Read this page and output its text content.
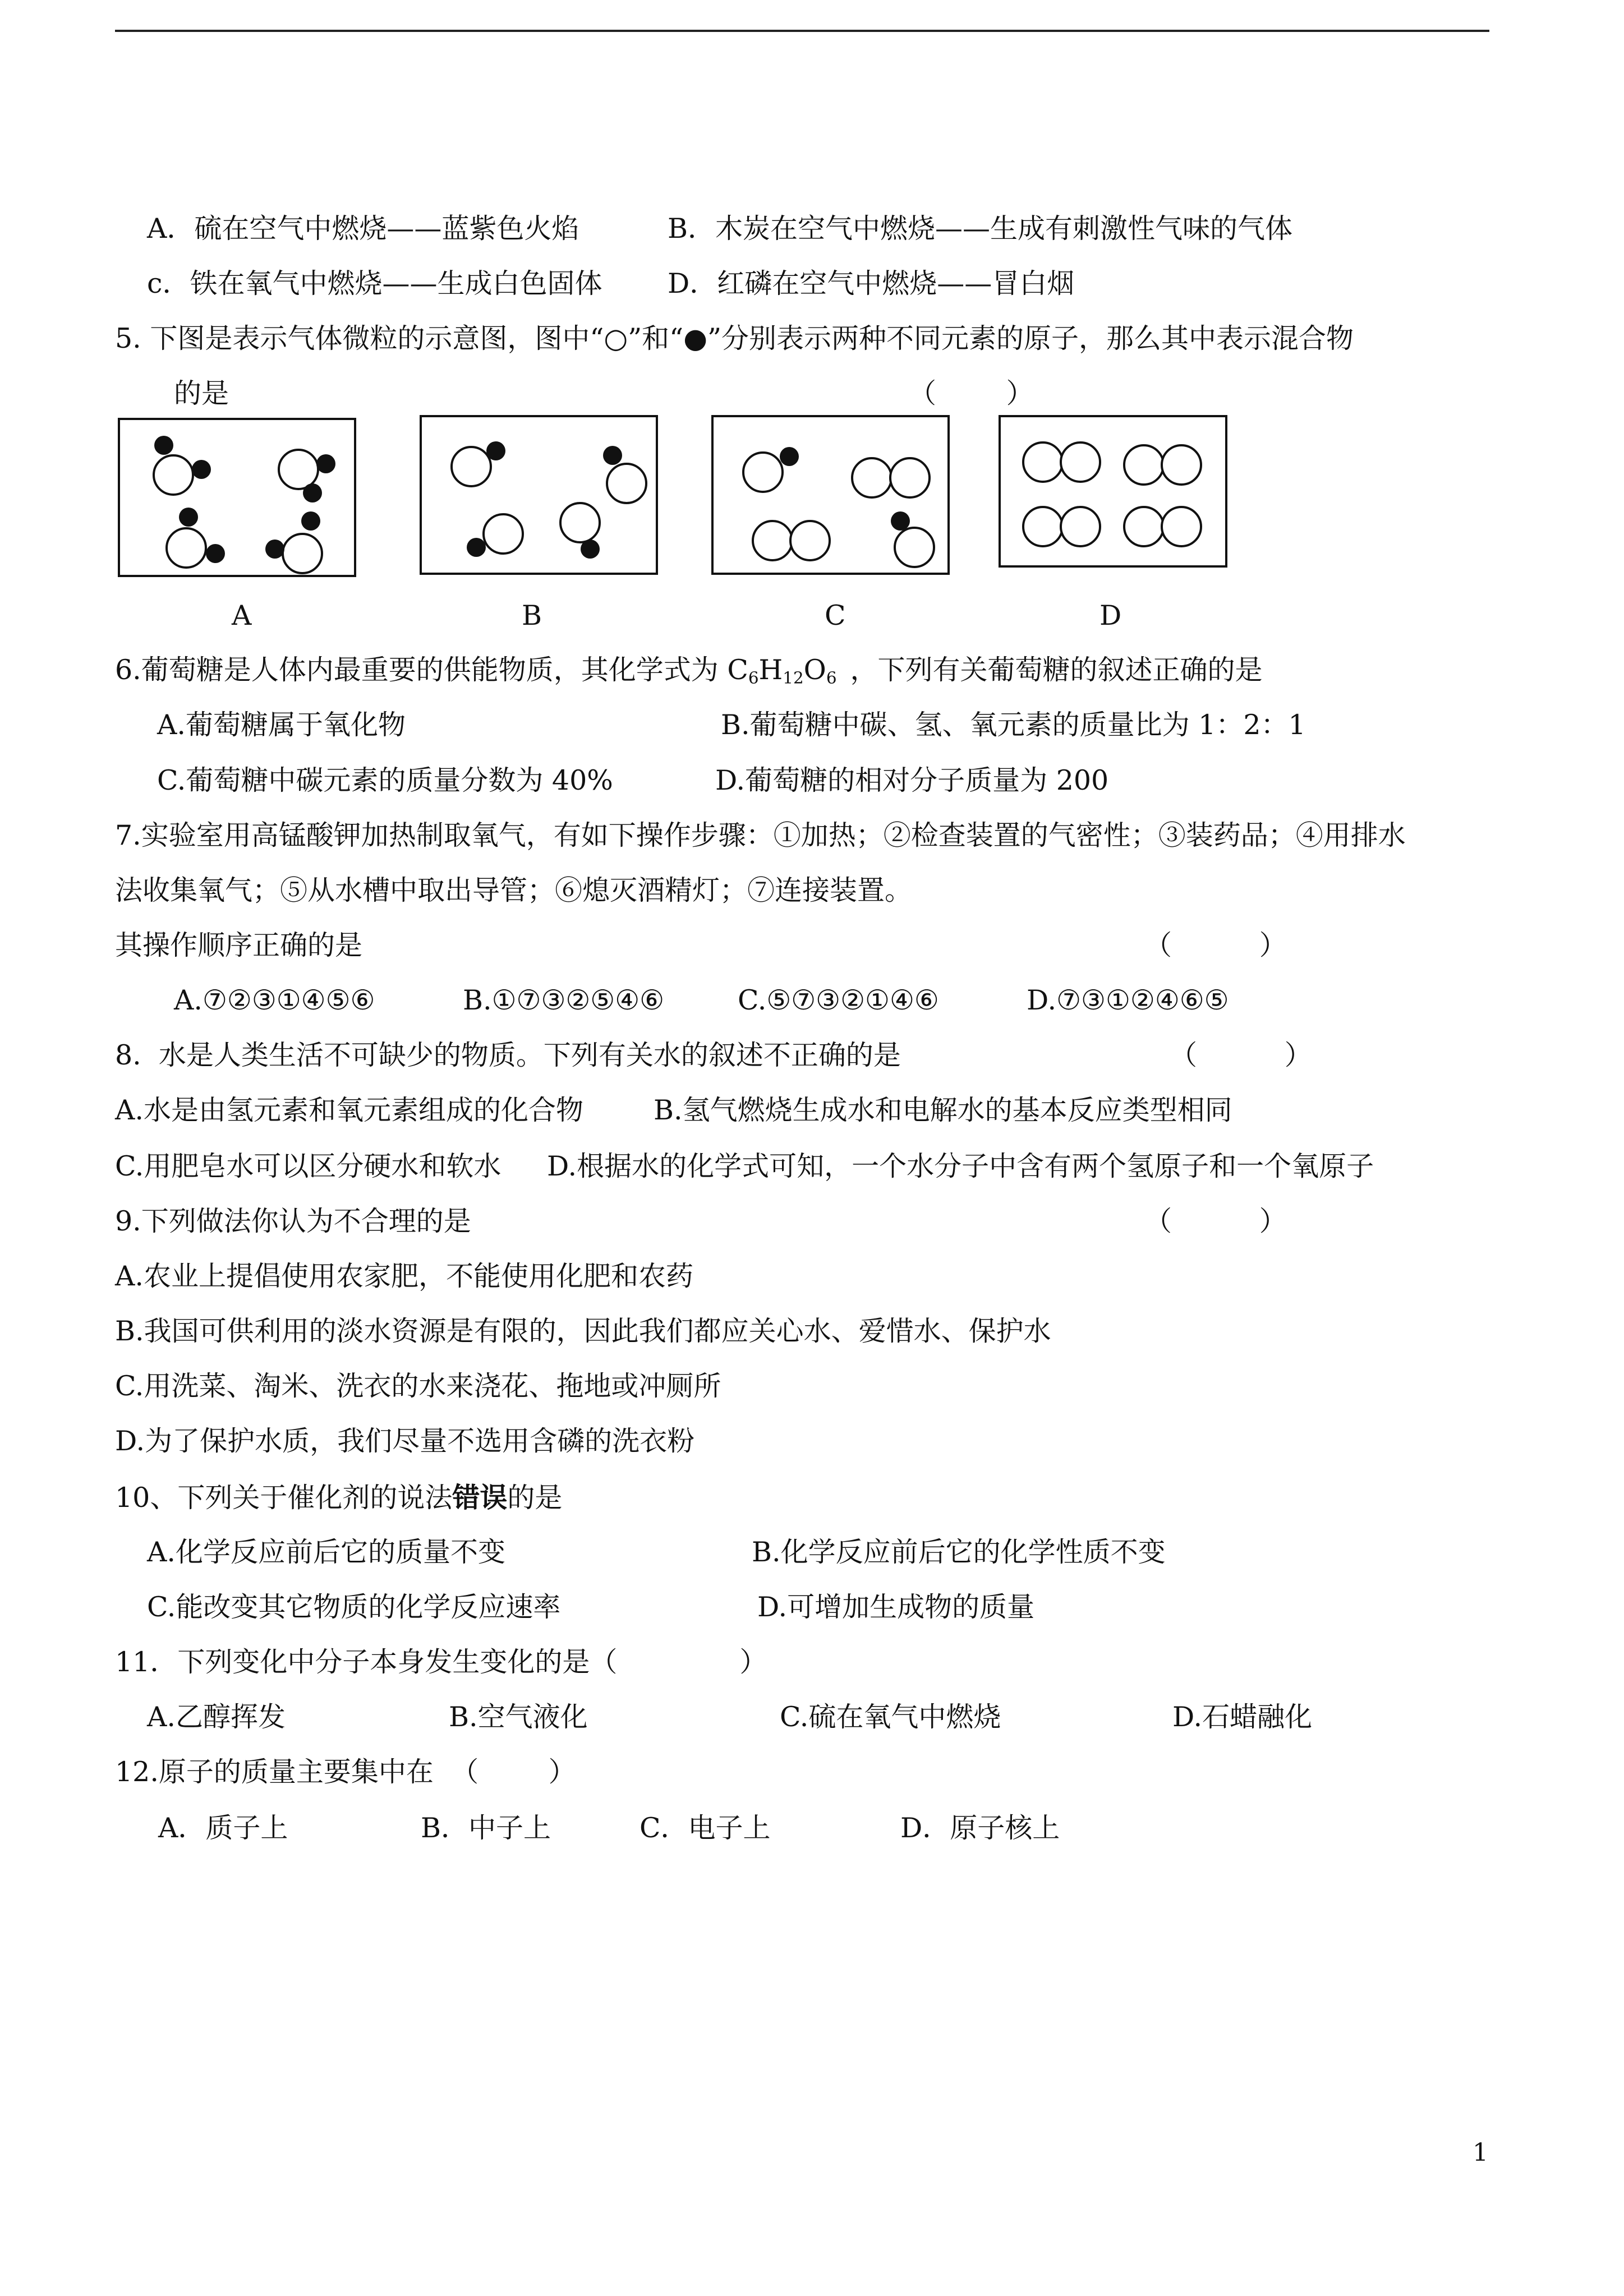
A．硫在空气中燃烧——蓝紫色火焰	B．木炭在空气中燃烧——生成有刺激性气味的气体
c．铁在氧气中燃烧——生成白色固体 D．红磷在空气中燃烧——冒白烟
5. 下图是表示气体微粒的示意图，图中“○”和“●”分别表示两种不同元素的原子，那么其中表示混合物
的是	（        ）
A	B	C	D
6.葡萄糖是人体内最重要的供能物质，其化学式为 $C_6H_{12}O_6$ ，下列有关葡萄糖的叙述正确的是
A.葡萄糖属于氧化物	B.葡萄糖中碳、氢、氧元素的质量比为 1：2：1
C.葡萄糖中碳元素的质量分数为 40%	D.葡萄糖的相对分子质量为 200
7.实验室用高锰酸钾加热制取氧气，有如下操作步骤：①加热；②检查装置的气密性；③装药品；④用排水
法收集氧气；⑤从水槽中取出导管；⑥熄灭酒精灯；⑦连接装置。
其操作顺序正确的是	（          ）
A.⑦②③①④⑤⑥	B.①⑦③②⑤④⑥	C.⑤⑦③②①④⑥	D.⑦③①②④⑥⑤
8.  水是人类生活不可缺少的物质。下列有关水的叙述不正确的是	（          ）
A.水是由氢元素和氧元素组成的化合物	B.氢气燃烧生成水和电解水的基本反应类型相同
C.用肥皂水可以区分硬水和软水 D.根据水的化学式可知，一个水分子中含有两个氢原子和一个氧原子
9.下列做法你认为不合理的是	（          ）
A.农业上提倡使用农家肥，不能使用化肥和农药
B.我国可供利用的淡水资源是有限的，因此我们都应关心水、爱惜水、保护水
C.用洗菜、淘米、洗衣的水来浇花、拖地或冲厕所
D.为了保护水质，我们尽量不选用含磷的洗衣粉
10、下列关于催化剂的说法错误的是
A.化学反应前后它的质量不变	B.化学反应前后它的化学性质不变
C.能改变其它物质的化学反应速率	D.可增加生成物的质量
11．下列变化中分子本身发生变化的是（              ）
A.乙醇挥发	B.空气液化	C.硫在氧气中燃烧	D.石蜡融化
12.原子的质量主要集中在  （        ）
A．质子上	B．中子上	C．电子上	D．原子核上
1
